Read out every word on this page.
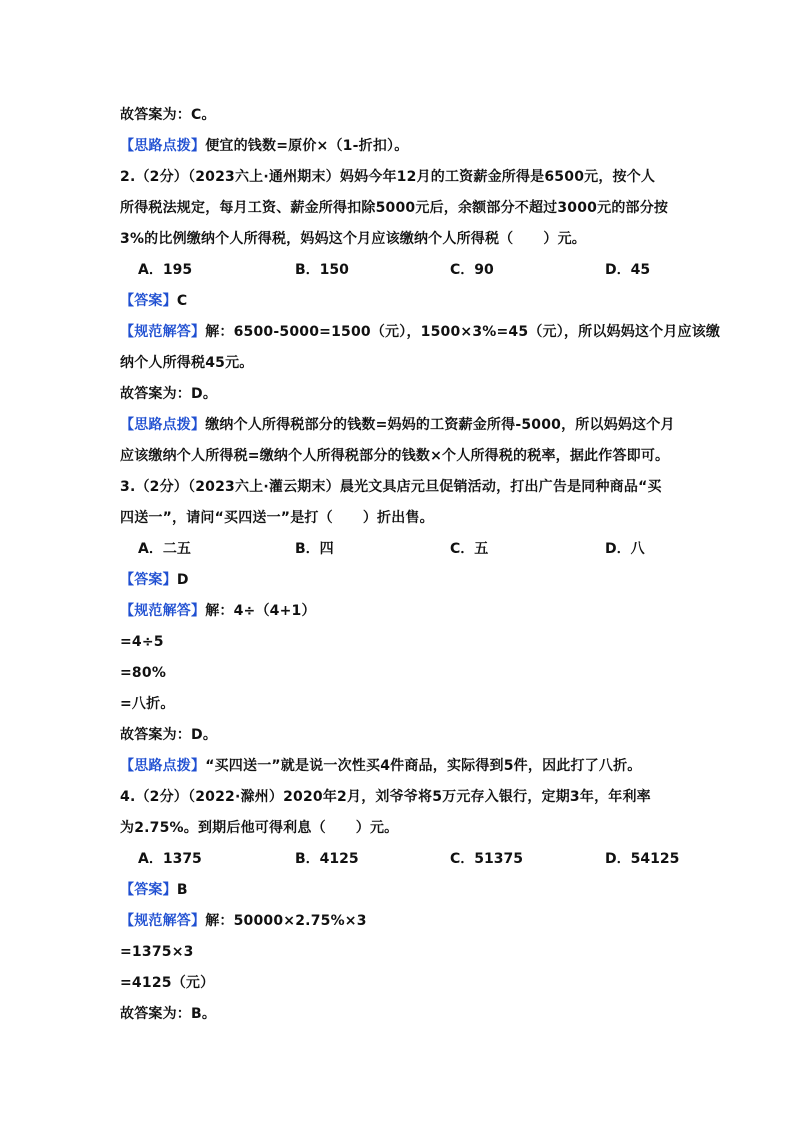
故答案为：C。
【思路点拨】便宜的钱数=原价×（1-折扣）。
2.（2分）（2023六上·通州期末）妈妈今年12月的工资薪金所得是6500元，按个人
所得税法规定，每月工资、薪金所得扣除5000元后，余额部分不超过3000元的部分按
3%的比例缴纳个人所得税，妈妈这个月应该缴纳个人所得税（ ）元。
A．195	B．150	C．90	D．45
【答案】C
【规范解答】解：6500-5000=1500（元），1500×3%=45（元），所以妈妈这个月应该缴
纳个人所得税45元。
故答案为：D。
【思路点拨】缴纳个人所得税部分的钱数=妈妈的工资薪金所得-5000，所以妈妈这个月
应该缴纳个人所得税=缴纳个人所得税部分的钱数×个人所得税的税率，据此作答即可。
3.（2分）（2023六上·灌云期末）晨光文具店元旦促销活动，打出广告是同种商品“买
四送一”，请问“买四送一”是打（ ）折出售。
A．二五	B．四	C．五	D．八
【答案】D
【规范解答】解：4÷（4+1）
=4÷5
=80%
=八折。
故答案为：D。
【思路点拨】“买四送一”就是说一次性买4件商品，实际得到5件，因此打了八折。
4.（2分）（2022·滁州）2020年2月，刘爷爷将5万元存入银行，定期3年，年利率
为2.75%。到期后他可得利息（ ）元。
A．1375	B．4125	C．51375	D．54125
【答案】B
【规范解答】解：50000×2.75%×3
=1375×3
=4125（元）
故答案为：B。
